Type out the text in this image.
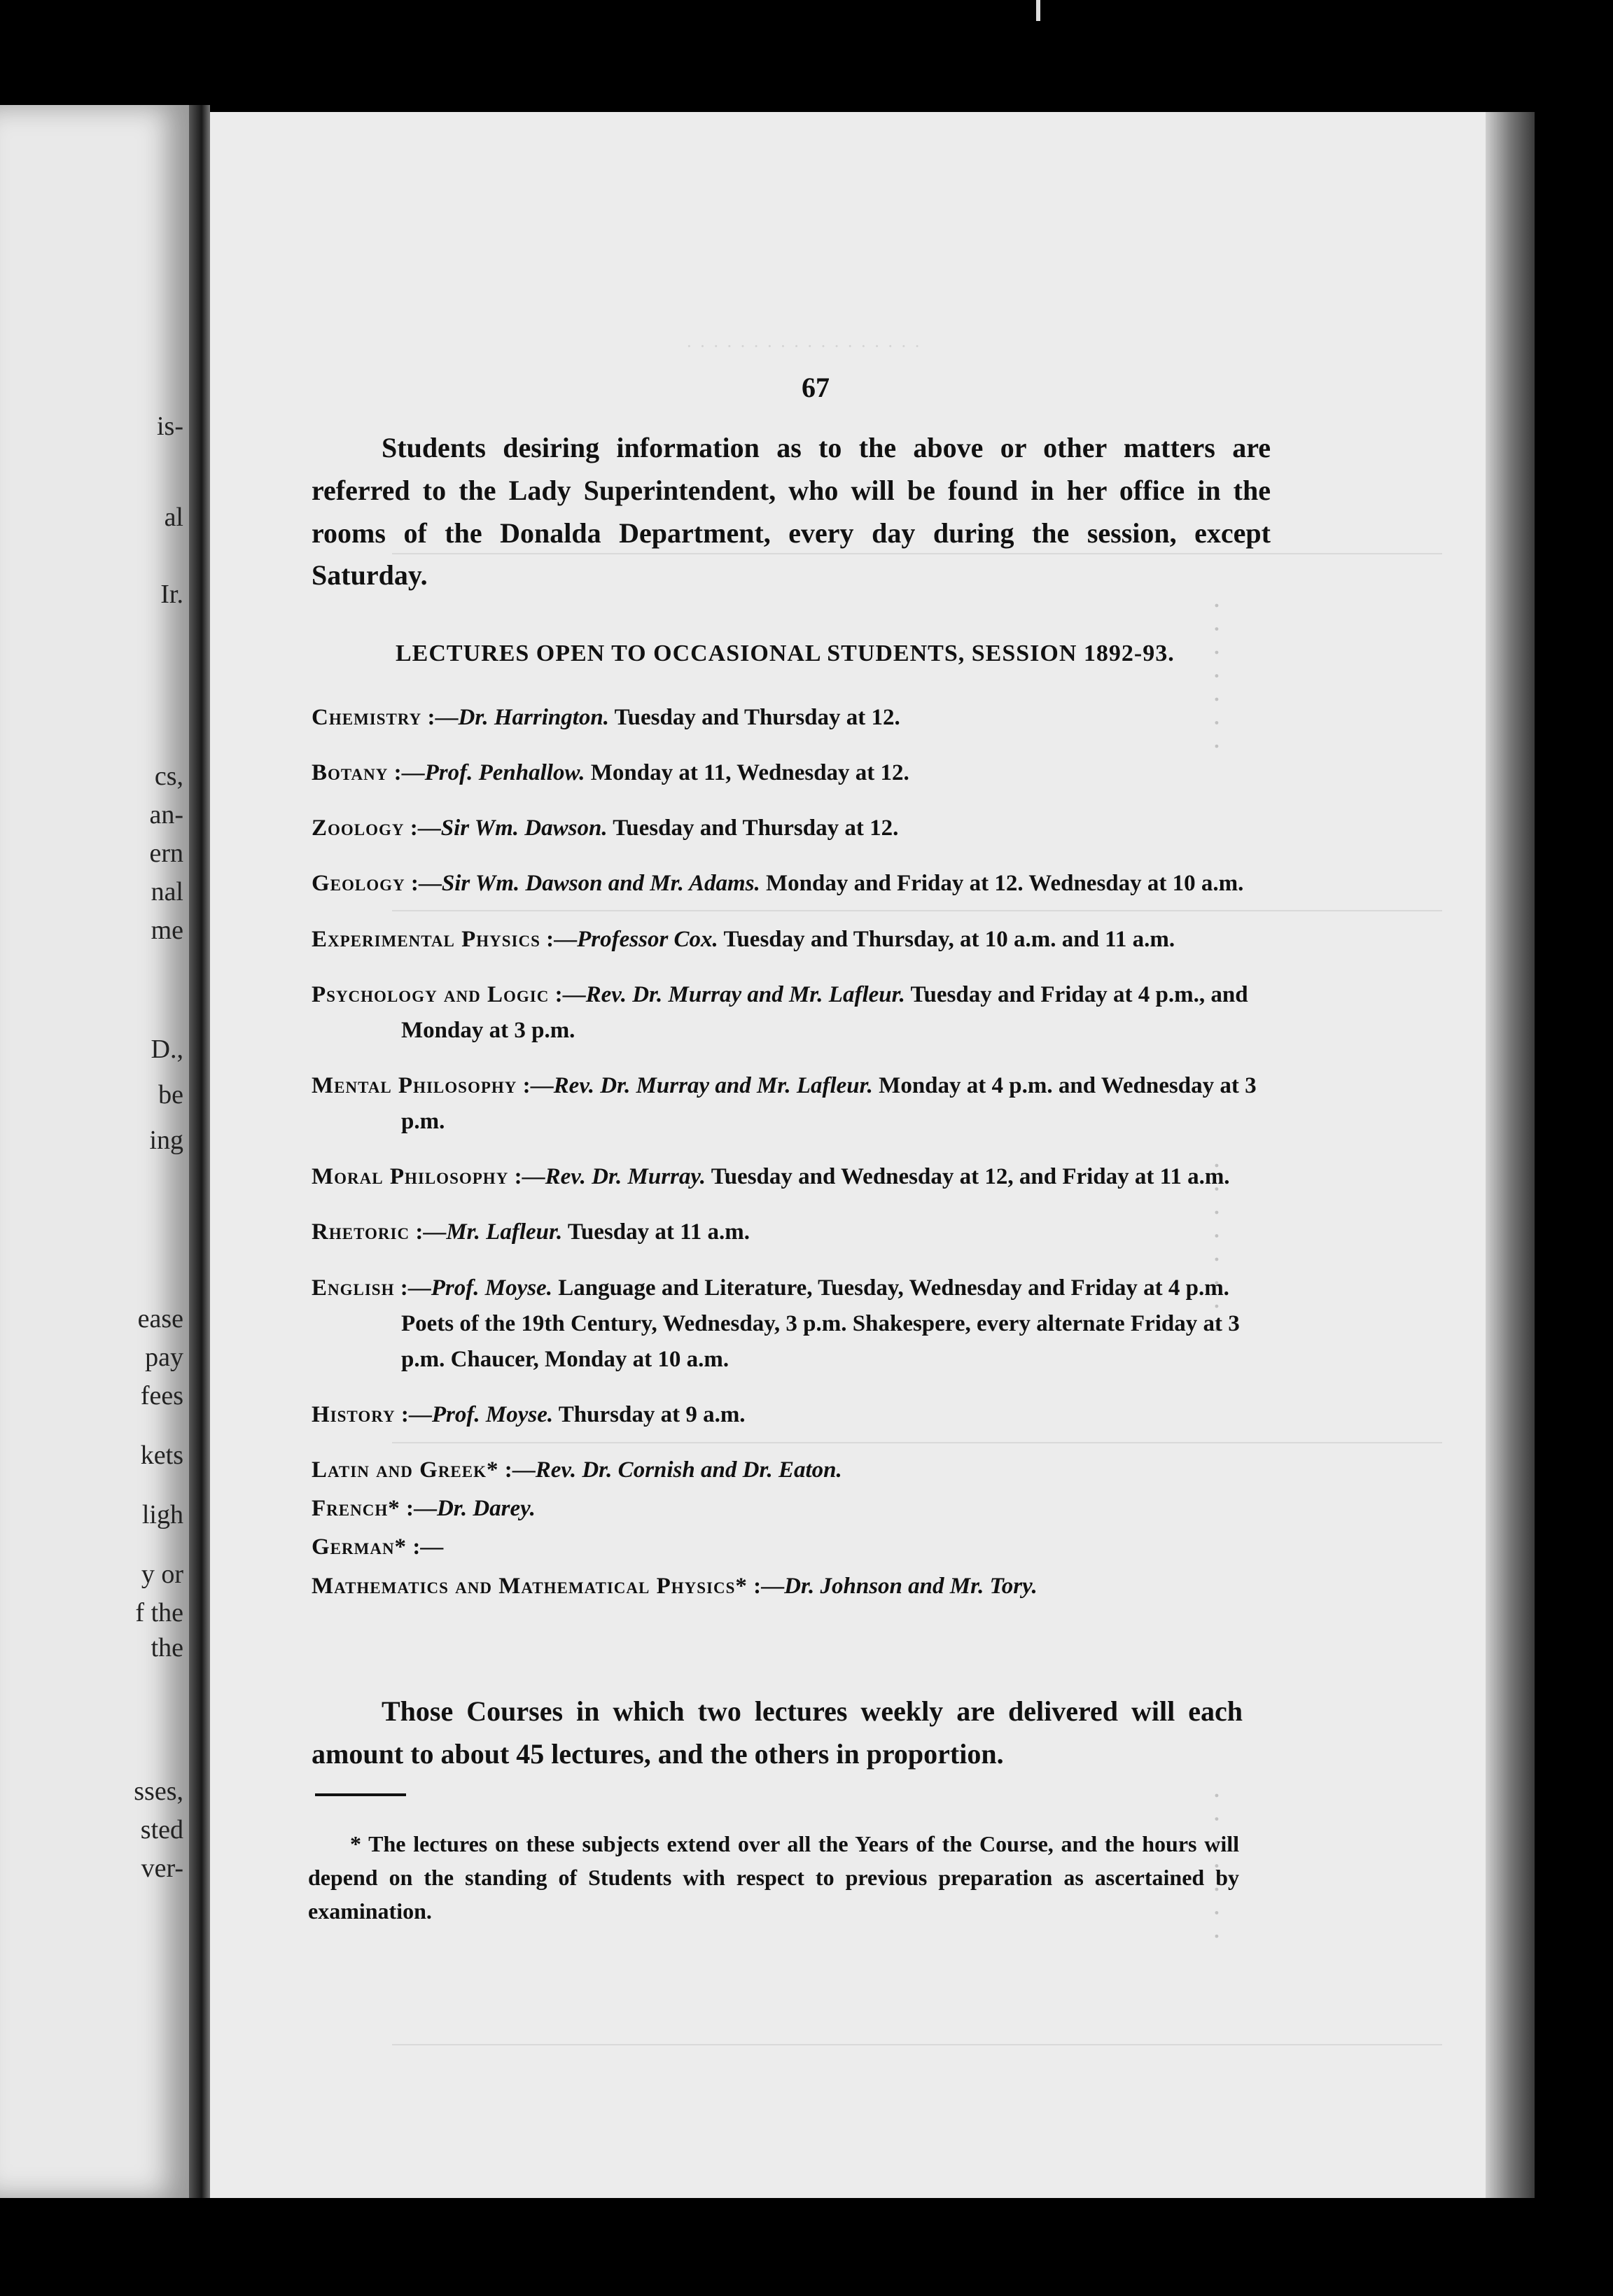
is-
al
Ir.
cs,
an-
ern
nal
me
D.,
be
ing
ease
pay
fees
kets
ligh
y or
f the
the
sses,
sted
ver-
· · · · · · · · · · · · · · · · · ·
· · · · · · ·
· · · · · · · ·
· · · · · · ·
67
Students desiring information as to the above or other matters are referred to the Lady Superintendent, who will be found in her office in the rooms of the Donalda Department, every day during the session, except Saturday.
LECTURES OPEN TO OCCASIONAL STUDENTS, SESSION 1892-93.
Chemistry :—Dr. Harrington. Tuesday and Thursday at 12.
Botany :—Prof. Penhallow. Monday at 11, Wednesday at 12.
Zoology :—Sir Wm. Dawson. Tuesday and Thursday at 12.
Geology :—Sir Wm. Dawson and Mr. Adams. Monday and Friday at 12. Wednesday at 10 a.m.
Experimental Physics :—Professor Cox. Tuesday and Thursday, at 10 a.m. and 11 a.m.
Psychology and Logic :—Rev. Dr. Murray and Mr. Lafleur. Tuesday and Friday at 4 p.m., and Monday at 3 p.m.
Mental Philosophy :—Rev. Dr. Murray and Mr. Lafleur. Monday at 4 p.m. and Wednesday at 3 p.m.
Moral Philosophy :—Rev. Dr. Murray. Tuesday and Wednesday at 12, and Friday at 11 a.m.
Rhetoric :—Mr. Lafleur. Tuesday at 11 a.m.
English :—Prof. Moyse. Language and Literature, Tuesday, Wednesday and Friday at 4 p.m. Poets of the 19th Century, Wednesday, 3 p.m. Shakespere, every alternate Friday at 3 p.m. Chaucer, Monday at 10 a.m.
History :—Prof. Moyse. Thursday at 9 a.m.
Latin and Greek* :—Rev. Dr. Cornish and Dr. Eaton.
French* :—Dr. Darey.
German* :—
Mathematics and Mathematical Physics* :—Dr. Johnson and Mr. Tory.
Those Courses in which two lectures weekly are delivered will each amount to about 45 lectures, and the others in proportion.
* The lectures on these subjects extend over all the Years of the Course, and the hours will depend on the standing of Students with respect to previous preparation as ascertained by examination.
